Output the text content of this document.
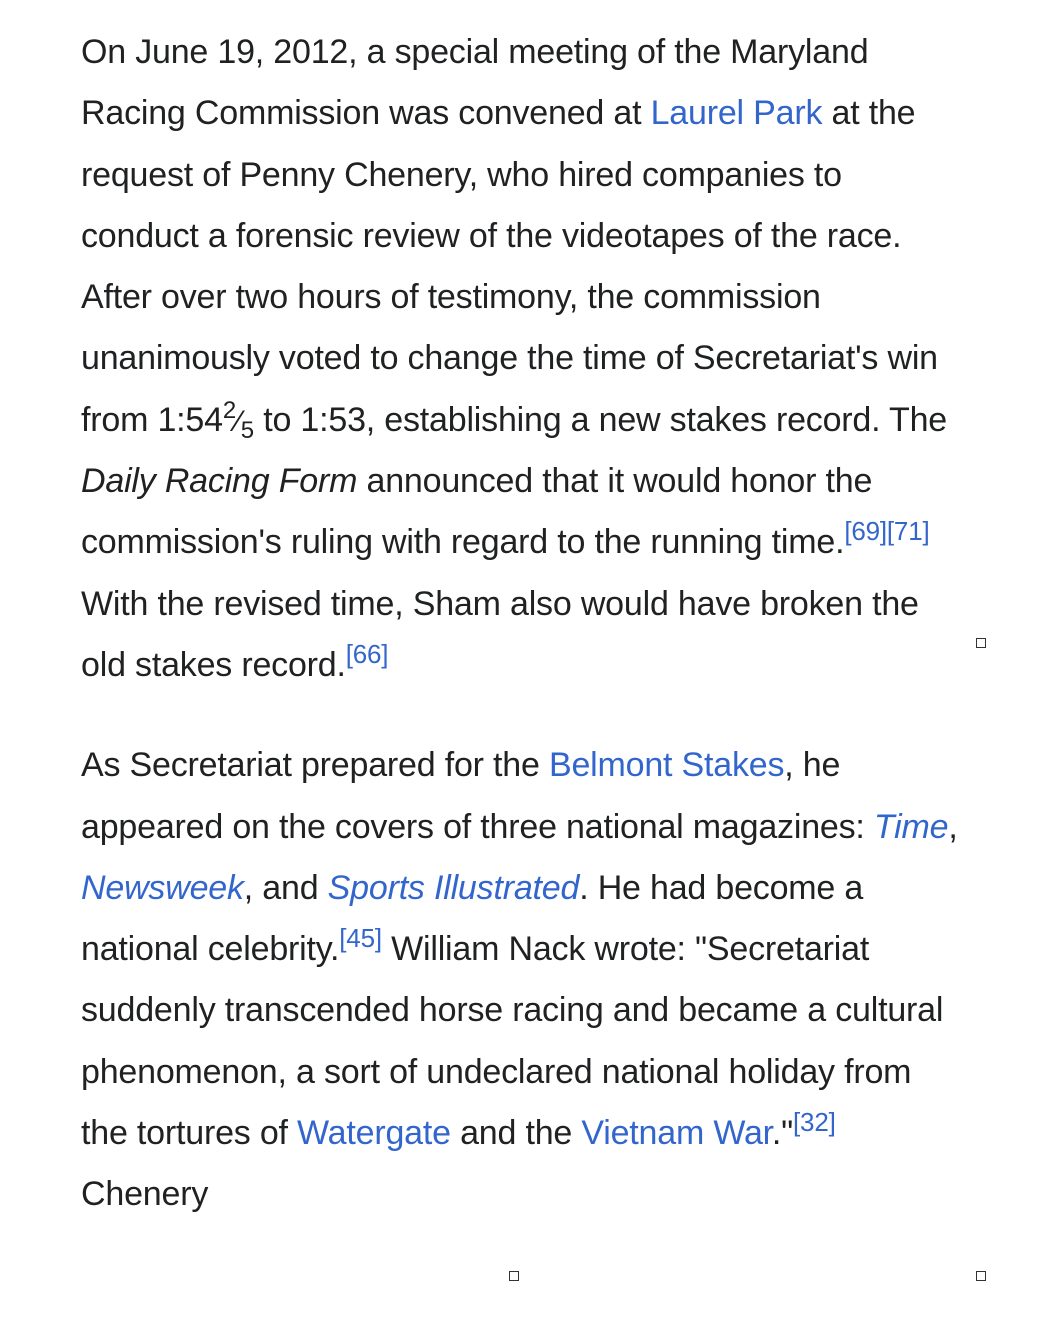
On June 19, 2012, a special meeting of the Maryland Racing Commission was convened at Laurel Park at the request of Penny Chenery, who hired companies to conduct a forensic review of the videotapes of the race. After over two hours of testimony, the commission unanimously voted to change the time of Secretariat's win from $1:54^2⁄_5$ to 1:53, establishing a new stakes record. The Daily Racing Form announced that it would honor the commission's ruling with regard to the running time.[69][71] With the revised time, Sham also would have broken the old stakes record.[66]

As Secretariat prepared for the Belmont Stakes, he appeared on the covers of three national magazines: Time, Newsweek, and Sports Illustrated. He had become a national celebrity.[45] William Nack wrote: "Secretariat suddenly transcended horse racing and became a cultural phenomenon, a sort of undeclared national holiday from the tortures of Watergate and the Vietnam War."[32] Chenery
